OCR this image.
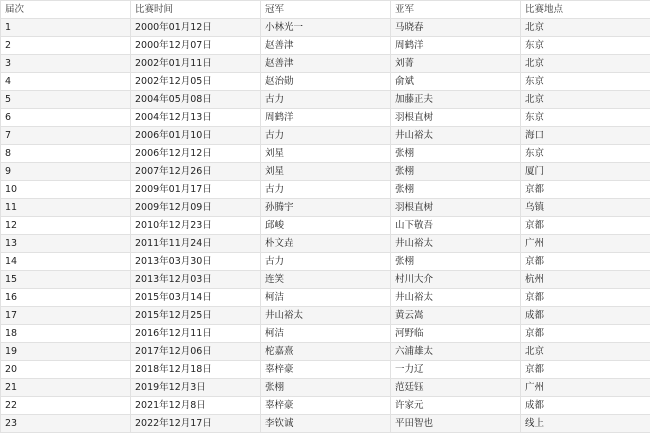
届次	比赛时间	冠军	亚军	比赛地点
1	2000年01月12日	小林光一	马晓春	北京
2	2000年12月07日	赵善津	周鹤洋	东京
3	2002年01月11日	赵善津	刘菁	北京
4	2002年12月05日	赵治勋	俞斌	东京
5	2004年05月08日	古力	加藤正夫	北京
6	2004年12月13日	周鹤洋	羽根直树	东京
7	2006年01月10日	古力	井山裕太	海口
8	2006年12月12日	刘星	张栩	东京
9	2007年12月26日	刘星	张栩	厦门
10	2009年01月17日	古力	张栩	京都
11	2009年12月09日	孙腾宇	羽根直树	乌镇
12	2010年12月23日	邱峻	山下敬吾	京都
13	2011年11月24日	朴文垚	井山裕太	广州
14	2013年03月30日	古力	张栩	京都
15	2013年12月03日	连笑	村川大介	杭州
16	2015年03月14日	柯洁	井山裕太	京都
17	2015年12月25日	井山裕太	黄云嵩	成都
18	2016年12月11日	柯洁	河野临	京都
19	2017年12月06日	柁嘉熹	六浦雄太	北京
20	2018年12月18日	辜梓豪	一力辽	京都
21	2019年12月3日	张栩	范廷钰	广州
22	2021年12月8日	辜梓豪	许家元	成都
23	2022年12月17日	李钦诚	平田智也	线上
